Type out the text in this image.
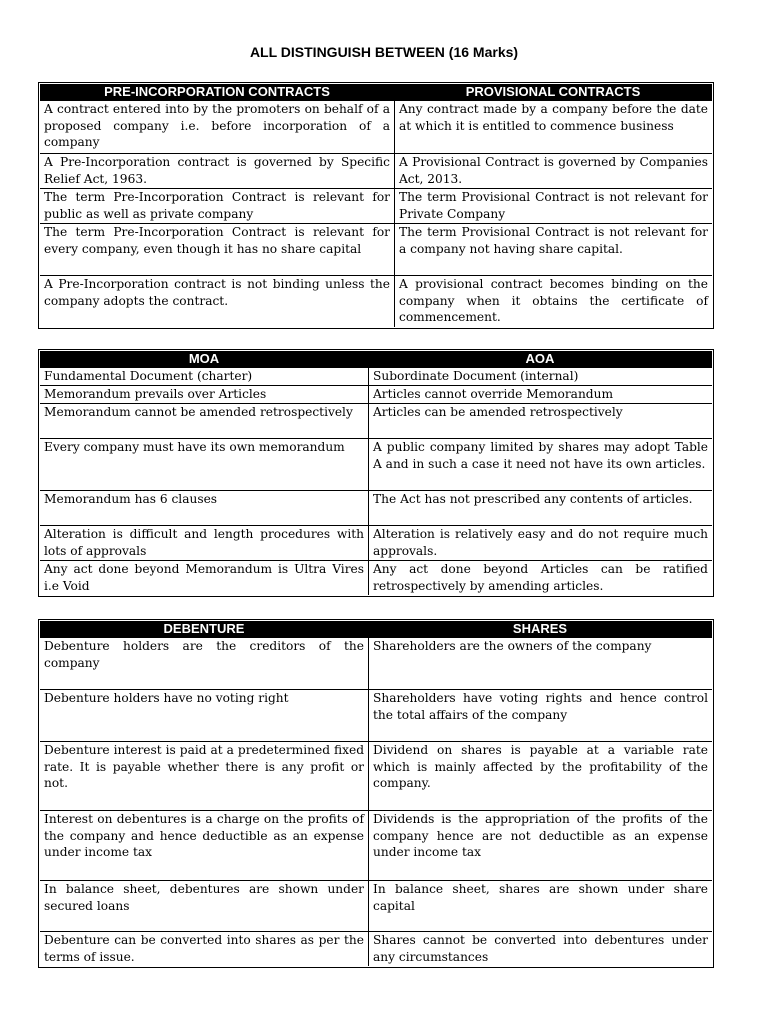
ALL DISTINGUISH BETWEEN (16 Marks)
PRE-INCORPORATION CONTRACTS	PROVISIONAL CONTRACTS
A contract entered into by the promoters on behalf of a proposed company i.e. before incorporation of a company	Any contract made by a company before the date at which it is entitled to commence business
A Pre-Incorporation contract is governed by Specific Relief Act, 1963.	A Provisional Contract is governed by Companies Act, 2013.
The term Pre-Incorporation Contract is relevant for public as well as private company	The term Provisional Contract is not relevant for Private Company
The term Pre-Incorporation Contract is relevant for every company, even though it has no share capital	The term Provisional Contract is not relevant for a company not having share capital.
A Pre-Incorporation contract is not binding unless the company adopts the contract.	A provisional contract becomes binding on the company when it obtains the certificate of commencement.
MOA	AOA
Fundamental Document (charter)	Subordinate Document (internal)
Memorandum prevails over Articles	Articles cannot override Memorandum
Memorandum cannot be amended retrospectively	Articles can be amended retrospectively
Every company must have its own memorandum	A public company limited by shares may adopt Table A and in such a case it need not have its own articles.
Memorandum has 6 clauses	The Act has not prescribed any contents of articles.
Alteration is difficult and length procedures with lots of approvals	Alteration is relatively easy and do not require much approvals.
Any act done beyond Memorandum is Ultra Vires i.e Void	Any act done beyond Articles can be ratified retrospectively by amending articles.
DEBENTURE	SHARES
Debenture holders are the creditors of the company	Shareholders are the owners of the company
Debenture holders have no voting right	Shareholders have voting rights and hence control the total affairs of the company
Debenture interest is paid at a predetermined fixed rate. It is payable whether there is any profit or not.	Dividend on shares is payable at a variable rate which is mainly affected by the profitability of the company.
Interest on debentures is a charge on the profits of the company and hence deductible as an expense under income tax	Dividends is the appropriation of the profits of the company hence are not deductible as an expense under income tax
In balance sheet, debentures are shown under secured loans	In balance sheet, shares are shown under share capital
Debenture can be converted into shares as per the terms of issue.	Shares cannot be converted into debentures under any circumstances
